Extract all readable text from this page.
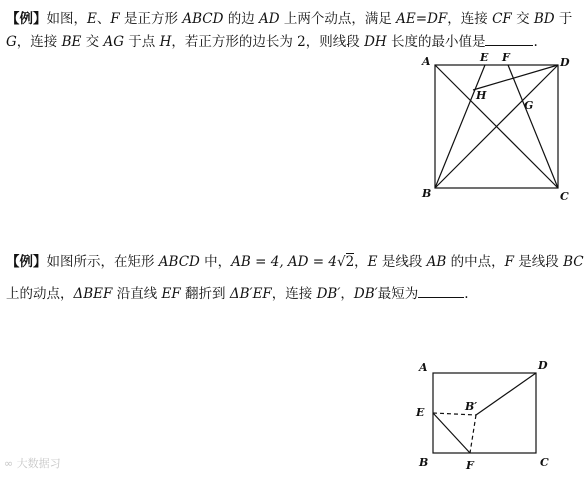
【例】如图，E、F 是正方形 ABCD 的边 AD 上两个动点，满足 AE=DF，连接 CF 交 BD 于
G，连接 BE 交 AG 于点 H，若正方形的边长为 2，则线段 DH 长度的最小值是	.
A	E F	D
H
G
B	C
【例】如图所示，在矩形 ABCD 中，AB = 4, AD = 4√2，E 是线段 AB 的中点，F 是线段 BC
上的动点，ΔBEF 沿直线 EF 翻折到 ΔB′EF，连接 DB′，DB′最短为	.
A	D
E	B′
B	F	C
∞ 大数据习
